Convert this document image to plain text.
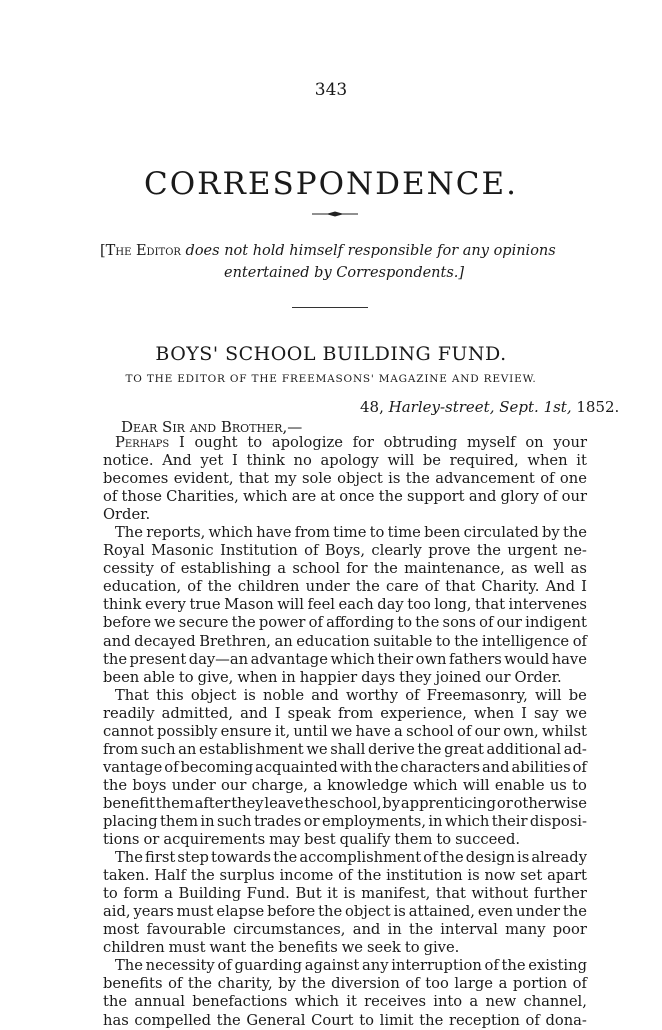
343
CORRESPONDENCE.
[The Editor does not hold himself responsible for any opinions
entertained by Correspondents.]
BOYS' SCHOOL BUILDING FUND.
TO THE EDITOR OF THE FREEMASONS' MAGAZINE AND REVIEW.
48, Harley-street, Sept. 1st, 1852.
Dear Sir and Brother,—
Perhaps I ought to apologize for obtruding myself on your
notice. And yet I think no apology will be required, when it
becomes evident, that my sole object is the advancement of one
of those Charities, which are at once the support and glory of our
Order.
The reports, which have from time to time been circulated by the
Royal Masonic Institution of Boys, clearly prove the urgent ne-
cessity of establishing a school for the maintenance, as well as
education, of the children under the care of that Charity. And I
think every true Mason will feel each day too long, that intervenes
before we secure the power of affording to the sons of our indigent
and decayed Brethren, an education suitable to the intelligence of
the present day—an advantage which their own fathers would have
been able to give, when in happier days they joined our Order.
That this object is noble and worthy of Freemasonry, will be
readily admitted, and I speak from experience, when I say we
cannot possibly ensure it, until we have a school of our own, whilst
from such an establishment we shall derive the great additional ad-
vantage of becoming acquainted with the characters and abilities of
the boys under our charge, a knowledge which will enable us to
benefit them after they leave the school, by apprenticing or otherwise
placing them in such trades or employments, in which their disposi-
tions or acquirements may best qualify them to succeed.
The first step towards the accomplishment of the design is already
taken. Half the surplus income of the institution is now set apart
to form a Building Fund. But it is manifest, that without further
aid, years must elapse before the object is attained, even under the
most favourable circumstances, and in the interval many poor
children must want the benefits we seek to give.
The necessity of guarding against any interruption of the existing
benefits of the charity, by the diversion of too large a portion of
the annual benefactions which it receives into a new channel,
has compelled the General Court to limit the reception of dona-
